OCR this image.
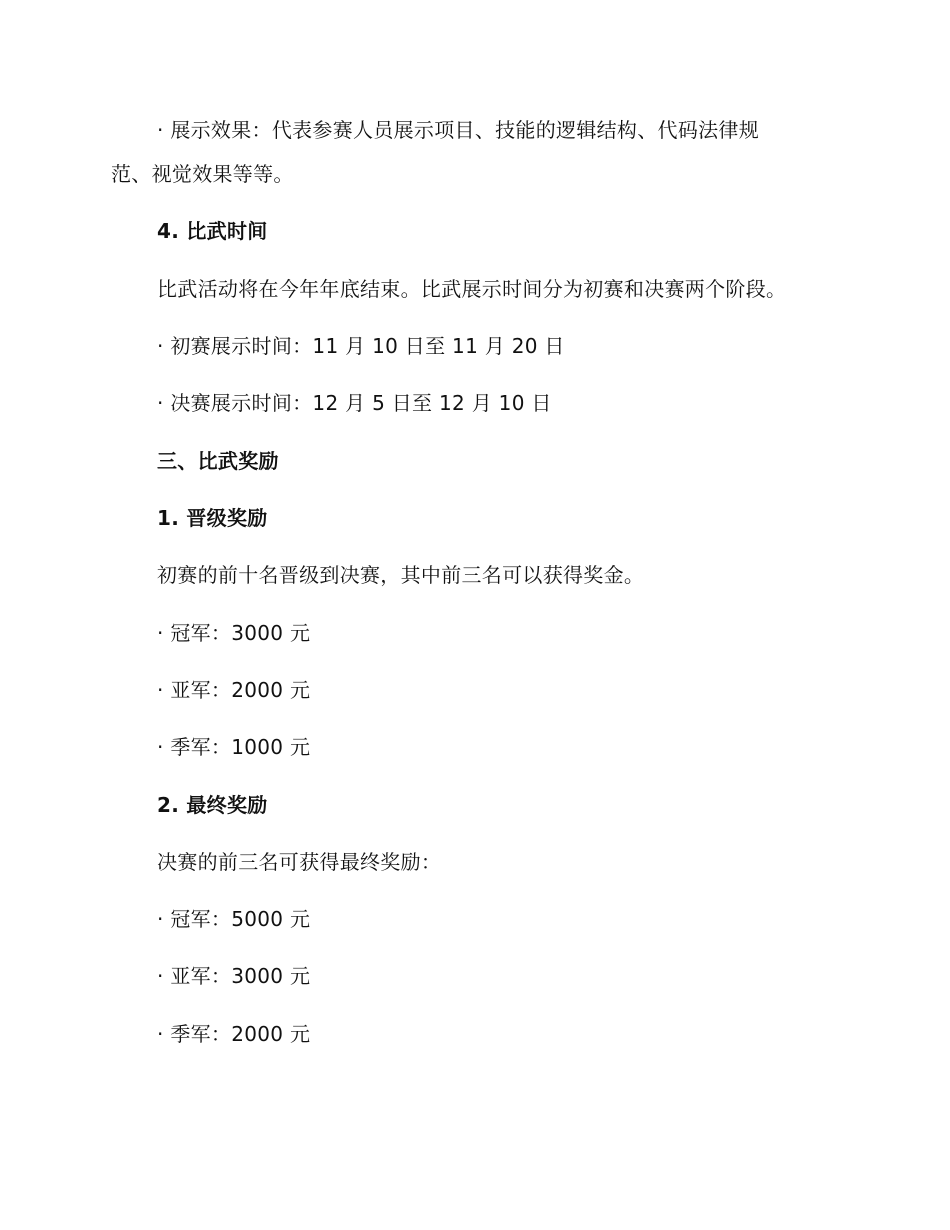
· 展示效果：代表参赛人员展示项目、技能的逻辑结构、代码法律规
范、视觉效果等等。
4. 比武时间
比武活动将在今年年底结束。比武展示时间分为初赛和决赛两个阶段。
· 初赛展示时间：11 月 10 日至 11 月 20 日
· 决赛展示时间：12 月 5 日至 12 月 10 日
三、比武奖励
1. 晋级奖励
初赛的前十名晋级到决赛，其中前三名可以获得奖金。
· 冠军：3000 元
· 亚军：2000 元
· 季军：1000 元
2. 最终奖励
决赛的前三名可获得最终奖励：
· 冠军：5000 元
· 亚军：3000 元
· 季军：2000 元
